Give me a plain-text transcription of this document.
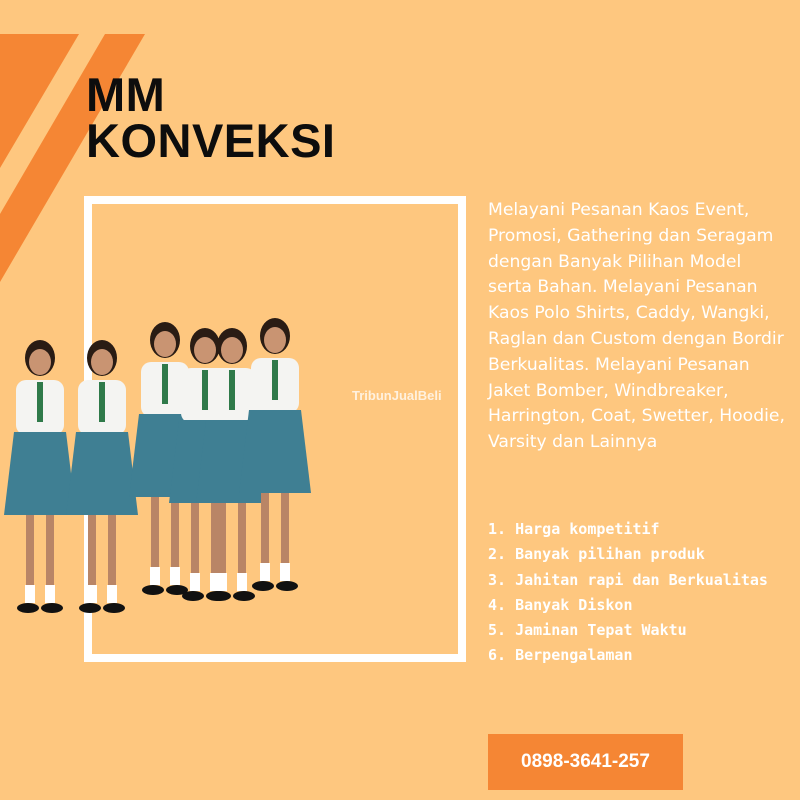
MM
KONVEKSI
TribunJualBeli
Melayani Pesanan Kaos Event, Promosi, Gathering dan Seragam dengan Banyak Pilihan Model serta Bahan. Melayani Pesanan Kaos Polo Shirts, Caddy, Wangki, Raglan dan Custom dengan Bordir Berkualitas. Melayani Pesanan Jaket Bomber, Windbreaker, Harrington, Coat, Swetter, Hoodie, Varsity dan Lainnya
1. Harga kompetitif
2. Banyak pilihan produk
3. Jahitan rapi dan Berkualitas
4. Banyak Diskon
5. Jaminan Tepat Waktu
6. Berpengalaman
0898-3641-257
